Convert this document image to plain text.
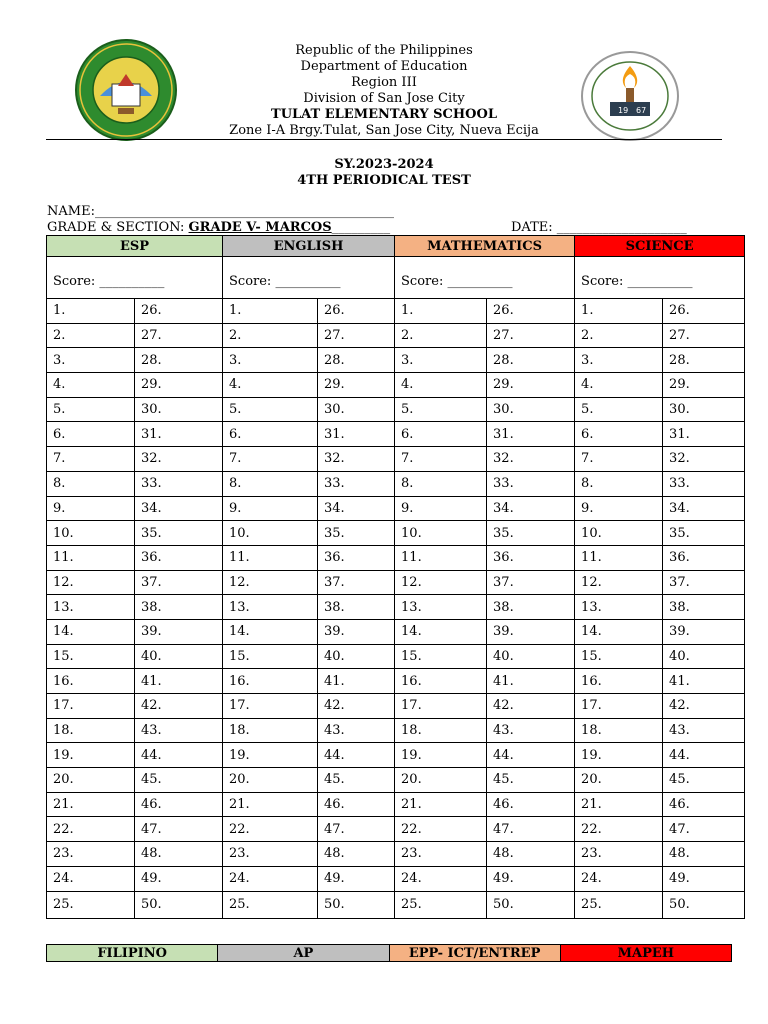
Republic of the Philippines
Department of Education
Region III
Division of San Jose City
TULAT ELEMENTARY SCHOOL
Zone I-A Brgy.Tulat, San Jose City, Nueva Ecija
19 67
SY.2023-2024
4TH PERIODICAL TEST
NAME:______________________________________________
GRADE & SECTION: GRADE V- MARCOS_________	DATE: ____________________
ESP		ENGLISH		MATHEMATICS		SCIENCE	
Score: __________		Score: __________		Score: __________		Score: __________	
1.	26.	1.	26.	1.	26.	1.	26.
2.	27.	2.	27.	2.	27.	2.	27.
3.	28.	3.	28.	3.	28.	3.	28.
4.	29.	4.	29.	4.	29.	4.	29.
5.	30.	5.	30.	5.	30.	5.	30.
6.	31.	6.	31.	6.	31.	6.	31.
7.	32.	7.	32.	7.	32.	7.	32.
8.	33.	8.	33.	8.	33.	8.	33.
9.	34.	9.	34.	9.	34.	9.	34.
10.	35.	10.	35.	10.	35.	10.	35.
11.	36.	11.	36.	11.	36.	11.	36.
12.	37.	12.	37.	12.	37.	12.	37.
13.	38.	13.	38.	13.	38.	13.	38.
14.	39.	14.	39.	14.	39.	14.	39.
15.	40.	15.	40.	15.	40.	15.	40.
16.	41.	16.	41.	16.	41.	16.	41.
17.	42.	17.	42.	17.	42.	17.	42.
18.	43.	18.	43.	18.	43.	18.	43.
19.	44.	19.	44.	19.	44.	19.	44.
20.	45.	20.	45.	20.	45.	20.	45.
21.	46.	21.	46.	21.	46.	21.	46.
22.	47.	22.	47.	22.	47.	22.	47.
23.	48.	23.	48.	23.	48.	23.	48.
24.	49.	24.	49.	24.	49.	24.	49.
25.	50.	25.	50.	25.	50.	25.	50.
FILIPINO	AP	EPP- ICT/ENTREP	MAPEH
